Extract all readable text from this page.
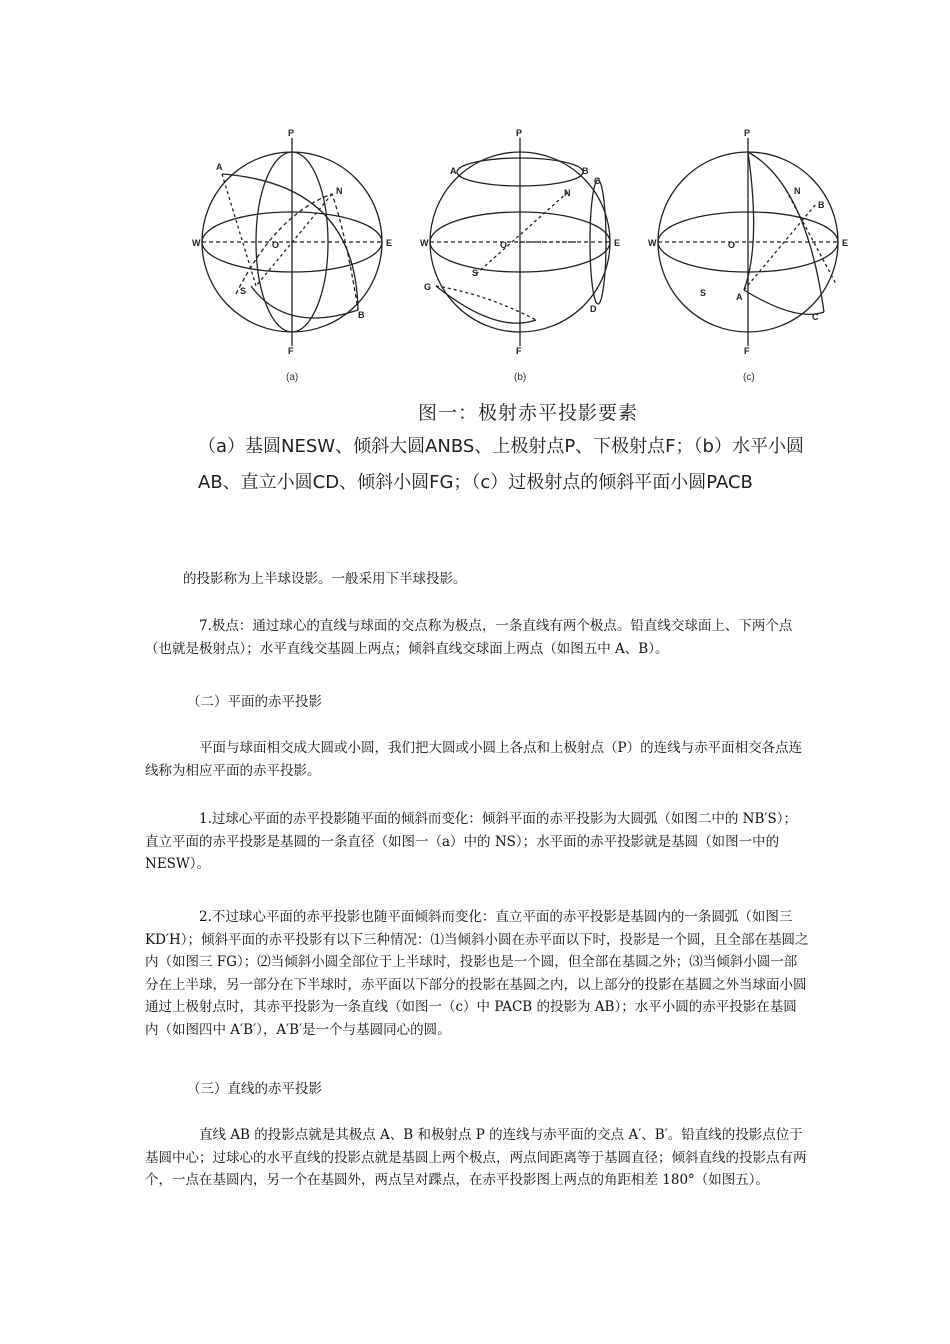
P
F
W	E
O
A
N
S
B
P
F
W	E
O
A	B
C
D
G
N
S
P
F
W	E
O
N
B
S	A
C
(a)	(b)	(c)
图一：极射赤平投影要素
（a）基圆NESW、倾斜大圆ANBS、上极射点P、下极射点F；（b）水平小圆
AB、直立小圆CD、倾斜小圆FG；（c）过极射点的倾斜平面小圆PACB

的投影称为上半球设影。一般采用下半球投影。

7.极点：通过球心的直线与球面的交点称为极点，一条直线有两个极点。铅直线交球面上、下两个点（也就是极射点）；水平直线交基圆上两点；倾斜直线交球面上两点（如图五中 A、B）。

（二）平面的赤平投影

平面与球面相交成大圆或小圆，我们把大圆或小圆上各点和上极射点（P）的连线与赤平面相交各点连线称为相应平面的赤平投影。

1.过球心平面的赤平投影随平面的倾斜而变化：倾斜平面的赤平投影为大圆弧（如图二中的 NB′S）；直立平面的赤平投影是基圆的一条直径（如图一（a）中的 NS）；水平面的赤平投影就是基圆（如图一中的 NESW）。

2.不过球心平面的赤平投影也随平面倾斜而变化：直立平面的赤平投影是基圆内的一条圆弧（如图三 KD′H）；倾斜平面的赤平投影有以下三种情况：⑴当倾斜小圆在赤平面以下时，投影是一个圆，且全部在基圆之内（如图三 FG）；⑵当倾斜小圆全部位于上半球时，投影也是一个圆，但全部在基圆之外；⑶当倾斜小圆一部分在上半球，另一部分在下半球时，赤平面以下部分的投影在基圆之内，以上部分的投影在基圆之外当球面小圆通过上极射点时，其赤平投影为一条直线（如图一（c）中 PACB 的投影为 AB）；水平小圆的赤平投影在基圆内（如图四中 A′B′），A′B′是一个与基圆同心的圆。

（三）直线的赤平投影

直线 AB 的投影点就是其极点 A、B 和极射点 P 的连线与赤平面的交点 A′、B′。铅直线的投影点位于基圆中心；过球心的水平直线的投影点就是基圆上两个极点，两点间距离等于基圆直径；倾斜直线的投影点有两个，一点在基圆内，另一个在基圆外，两点呈对蹀点，在赤平投影图上两点的角距相差 180°（如图五）。
